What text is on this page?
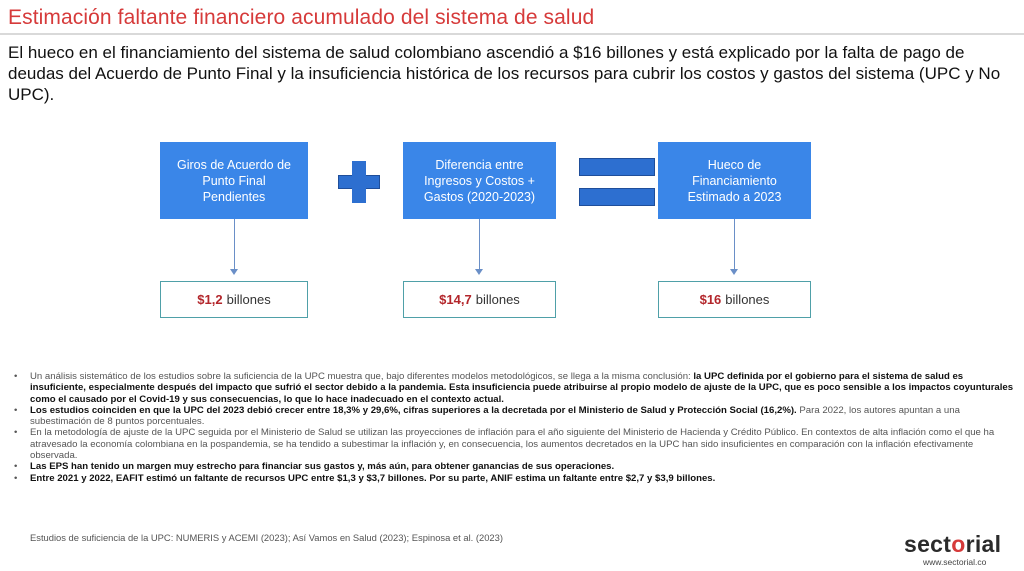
Estimación faltante financiero acumulado del sistema de salud
El hueco en el financiamiento del sistema de salud colombiano ascendió a $16 billones y está explicado por la falta de pago de deudas del Acuerdo de Punto Final y la insuficiencia histórica de los recursos para cubrir los costos y gastos del sistema (UPC y No UPC).
Giros de Acuerdo de
Punto Final
Pendientes
Diferencia entre
Ingresos y Costos +
Gastos (2020-2023)
Hueco de
Financiamiento
Estimado a 2023
$1,2 billones	$14,7 billones	$16 billones
• Un análisis sistemático de los estudios sobre la suficiencia de la UPC muestra que, bajo diferentes modelos metodológicos, se llega a la misma conclusión: la UPC definida por el gobierno para el sistema de salud es insuficiente, especialmente después del impacto que sufrió el sector debido a la pandemia. Esta insuficiencia puede atribuirse al propio modelo de ajuste de la UPC, que es poco sensible a los impactos coyunturales como el causado por el Covid-19 y sus consecuencias, lo que lo hace inadecuado en el contexto actual.
• Los estudios coinciden en que la UPC del 2023 debió crecer entre 18,3% y 29,6%, cifras superiores a la decretada por el Ministerio de Salud y Protección Social (16,2%). Para 2022, los autores apuntan a una subestimación de 8 puntos porcentuales.
• En la metodología de ajuste de la UPC seguida por el Ministerio de Salud se utilizan las proyecciones de inflación para el año siguiente del Ministerio de Hacienda y Crédito Público. En contextos de alta inflación como el que ha atravesado la economía colombiana en la pospandemia, se ha tendido a subestimar la inflación y, en consecuencia, los aumentos decretados en la UPC han sido insuficientes en comparación con la inflación efectivamente observada.
• Las EPS han tenido un margen muy estrecho para financiar sus gastos y, más aún, para obtener ganancias de sus operaciones.
• Entre 2021 y 2022, EAFIT estimó un faltante de recursos UPC entre $1,3 y $3,7 billones. Por su parte, ANIF estima un faltante entre $2,7 y $3,9 billones.
Estudios de suficiencia de la UPC: NUMERIS y ACEMI (2023); Así Vamos en Salud (2023); Espinosa et al. (2023)	sectorial
www.sectorial.co
